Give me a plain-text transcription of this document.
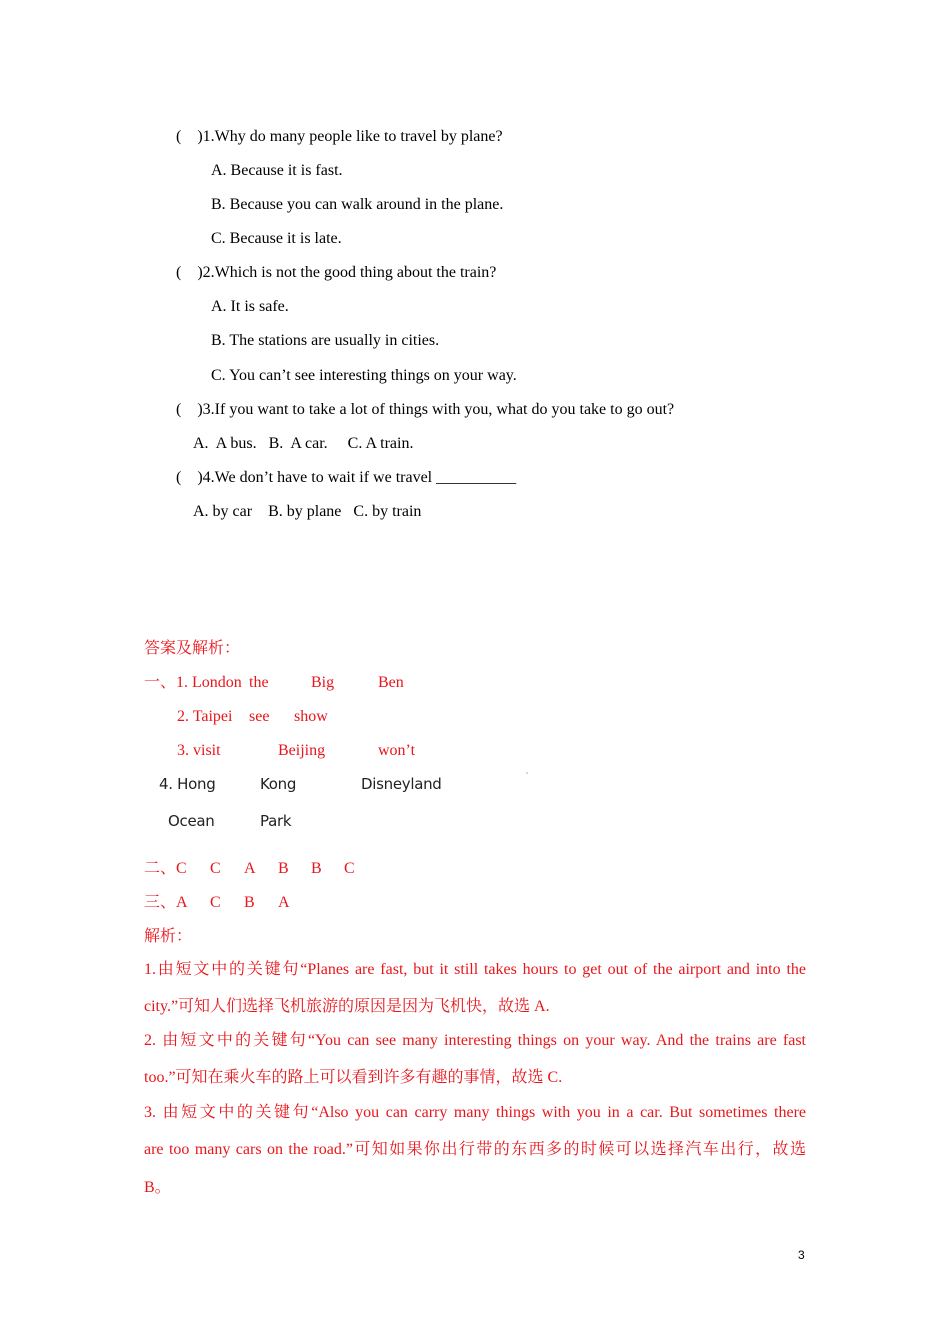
(    )1.Why do many people like to travel by plane?
A. Because it is fast.
B. Because you can walk around in the plane.
C. Because it is late.
(    )2.Which is not the good thing about the train?
A. It is safe.
B. The stations are usually in cities.
C. You can’t see interesting things on your way.
(    )3.If you want to take a lot of things with you, what do you take to go out?
A.  A bus.   B.  A car.     C. A train.
(    )4.We don’t have to wait if we travel __________
A. by car    B. by plane   C. by train
答案及解析：
一、1. London the	Big	Ben
2. Taipei see show
3. visit	Beijing	won’t
4. Hong	Kong	Disneyland
Ocean	Park
二、C C A B B C
三、A C B A
解析：
1.由短文中的关键句“Planes are fast, but it still takes hours to get out of the airport and into the
city.”可知人们选择飞机旅游的原因是因为飞机快，故选 A.
2. 由短文中的关键句“You can see many interesting things on your way. And the trains are fast
too.”可知在乘火车的路上可以看到许多有趣的事情，故选 C.
3. 由短文中的关键句“Also you can carry many things with you in a car. But sometimes there
are too many cars on the road.”可知如果你出行带的东西多的时候可以选择汽车出行，故选
B。
3
